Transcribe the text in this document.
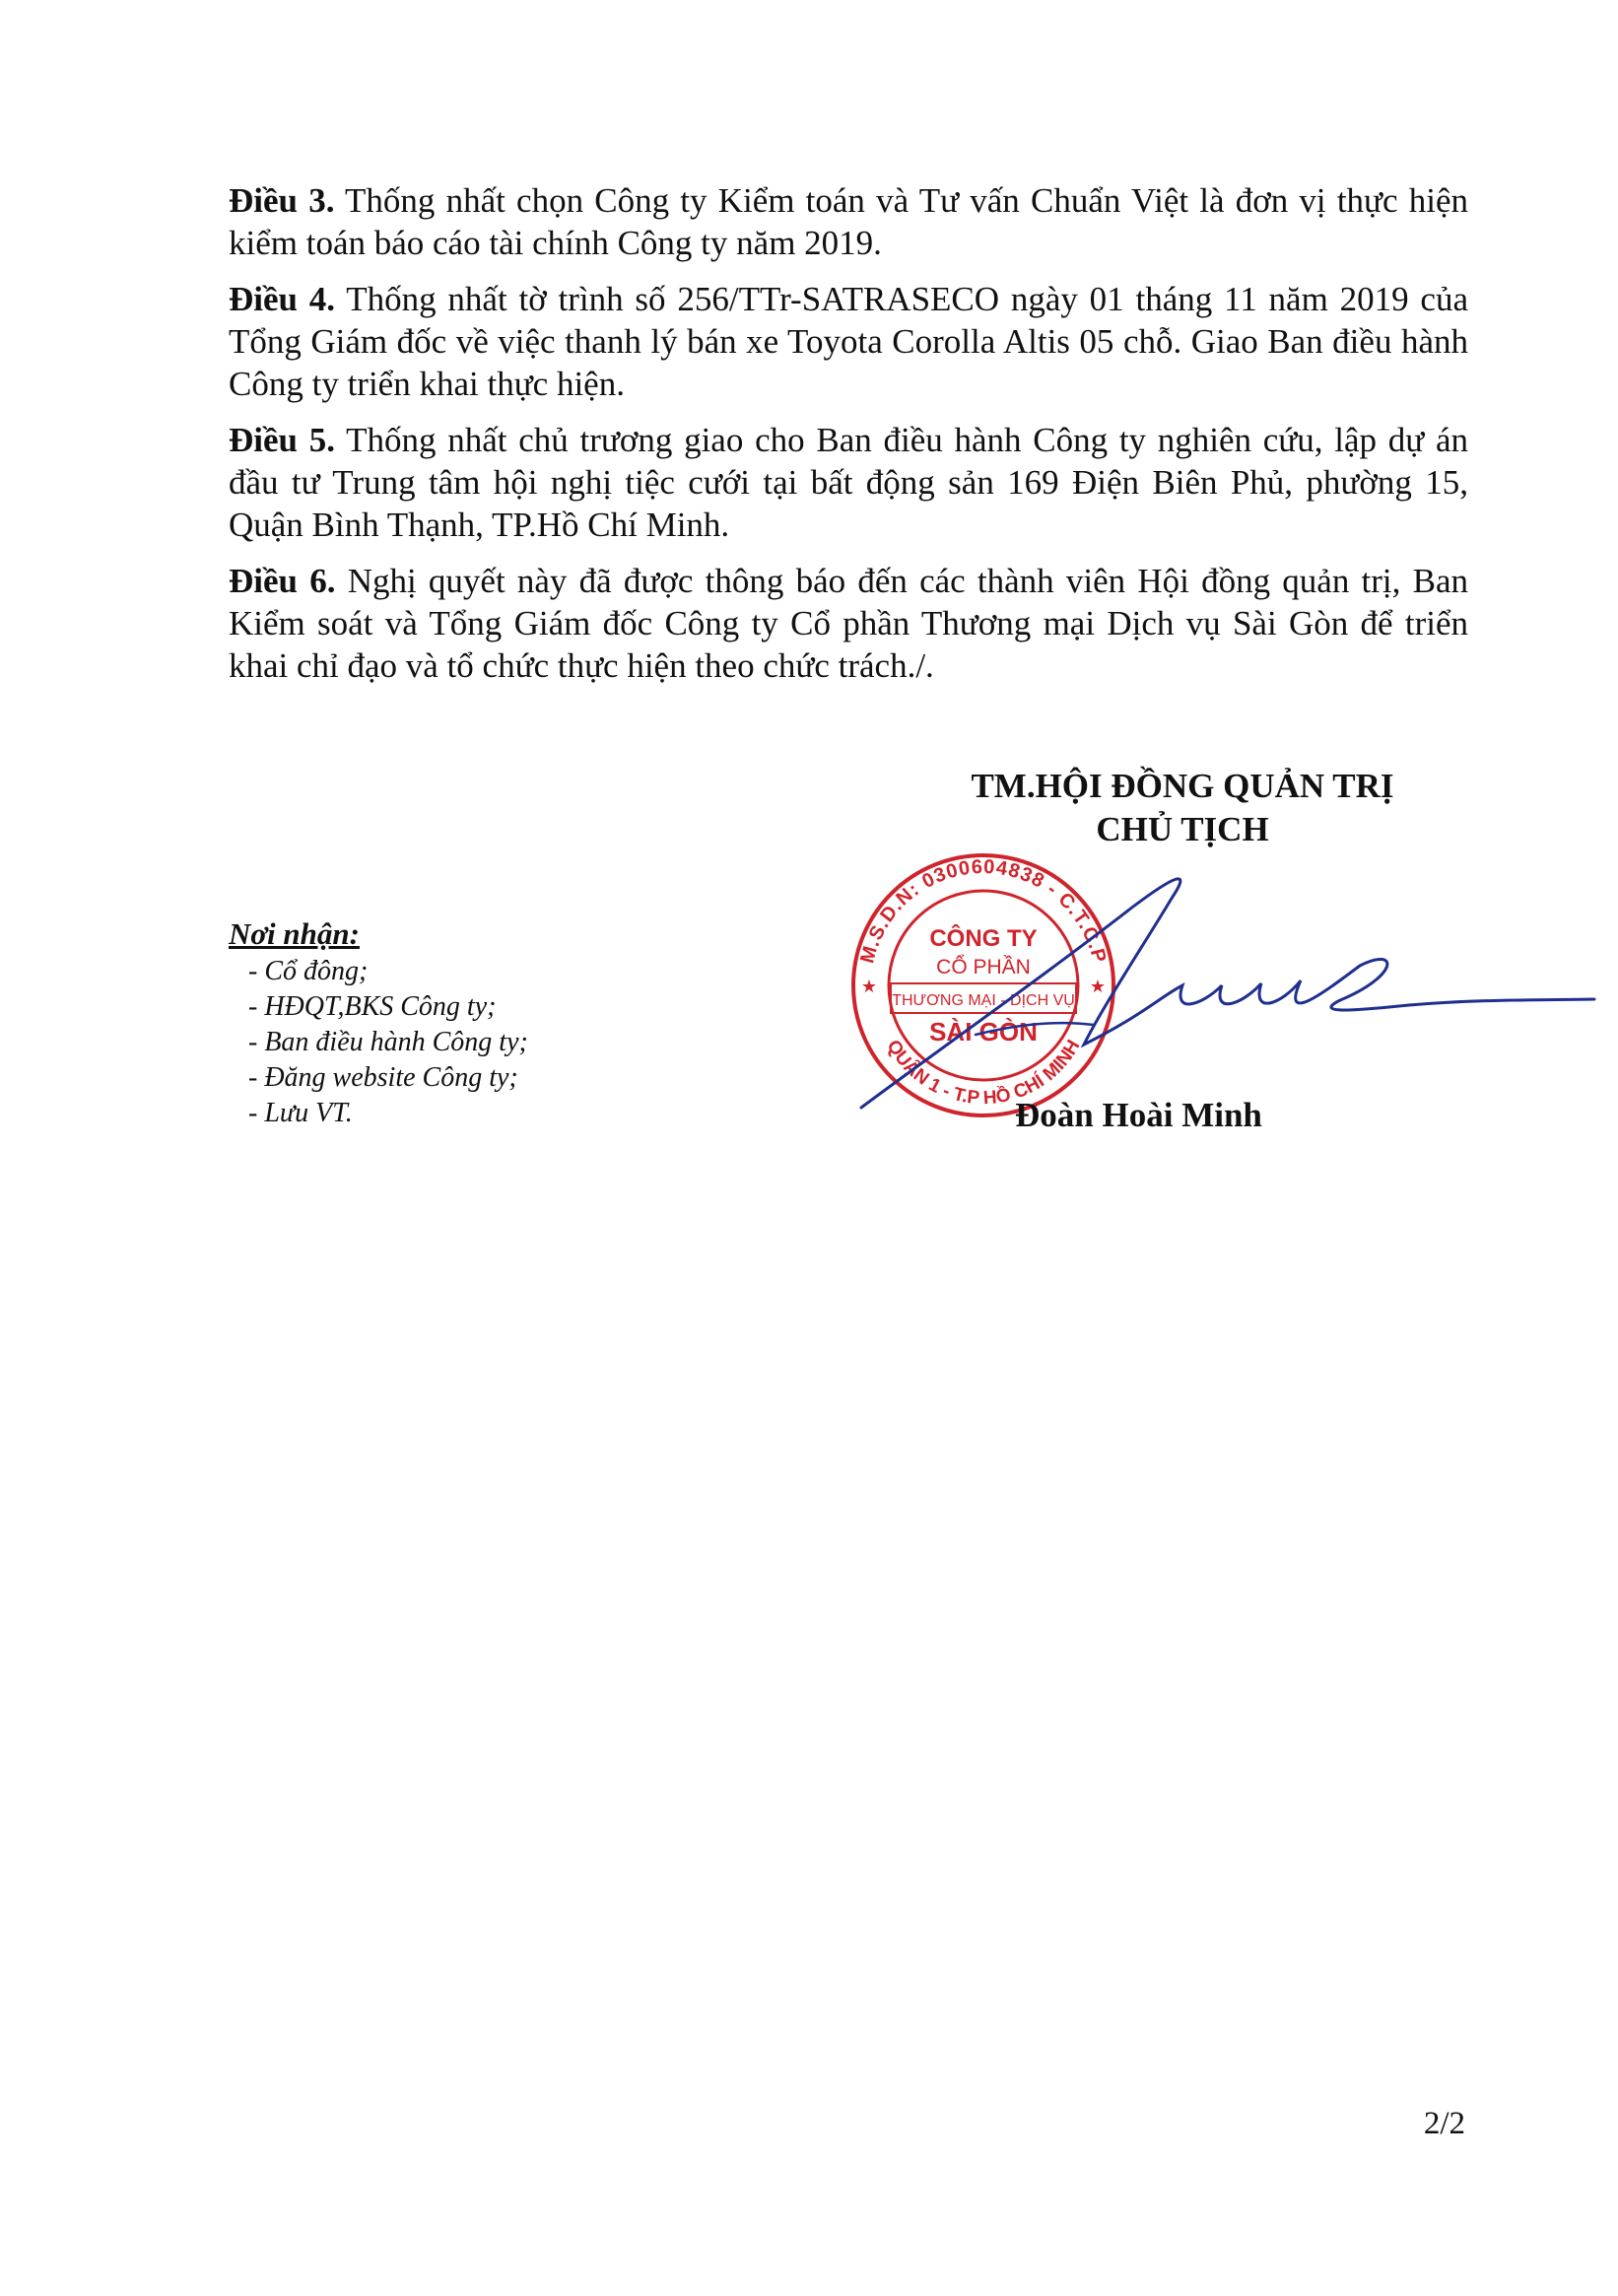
Điều 3. Thống nhất chọn Công ty Kiểm toán và Tư vấn Chuẩn Việt là đơn vị thực hiện kiểm toán báo cáo tài chính Công ty năm 2019.

Điều 4. Thống nhất tờ trình số 256/TTr-SATRASECO ngày 01 tháng 11 năm 2019 của Tổng Giám đốc về việc thanh lý bán xe Toyota Corolla Altis 05 chỗ. Giao Ban điều hành Công ty triển khai thực hiện.

Điều 5. Thống nhất chủ trương giao cho Ban điều hành Công ty nghiên cứu, lập dự án đầu tư Trung tâm hội nghị tiệc cưới tại bất động sản 169 Điện Biên Phủ, phường 15, Quận Bình Thạnh, TP.Hồ Chí Minh.

Điều 6. Nghị quyết này đã được thông báo đến các thành viên Hội đồng quản trị, Ban Kiểm soát và Tổng Giám đốc Công ty Cổ phần Thương mại Dịch vụ Sài Gòn để triển khai chỉ đạo và tổ chức thực hiện theo chức trách./.

TM.HỘI ĐỒNG QUẢN TRỊ
CHỦ TỊCH
Nơi nhận:
- Cổ đông;
- HĐQT,BKS Công ty;
- Ban điều hành Công ty;
- Đăng website Công ty;
- Lưu VT.
M.S.D.N: 0300604838 - C.T.C.P
QUẬN 1 - T.P HỒ CHÍ MINH
★	★
CÔNG TY
CỔ PHẦN
THƯƠNG MẠI - DỊCH VỤ
SÀI GÒN
Đoàn Hoài Minh
2/2
